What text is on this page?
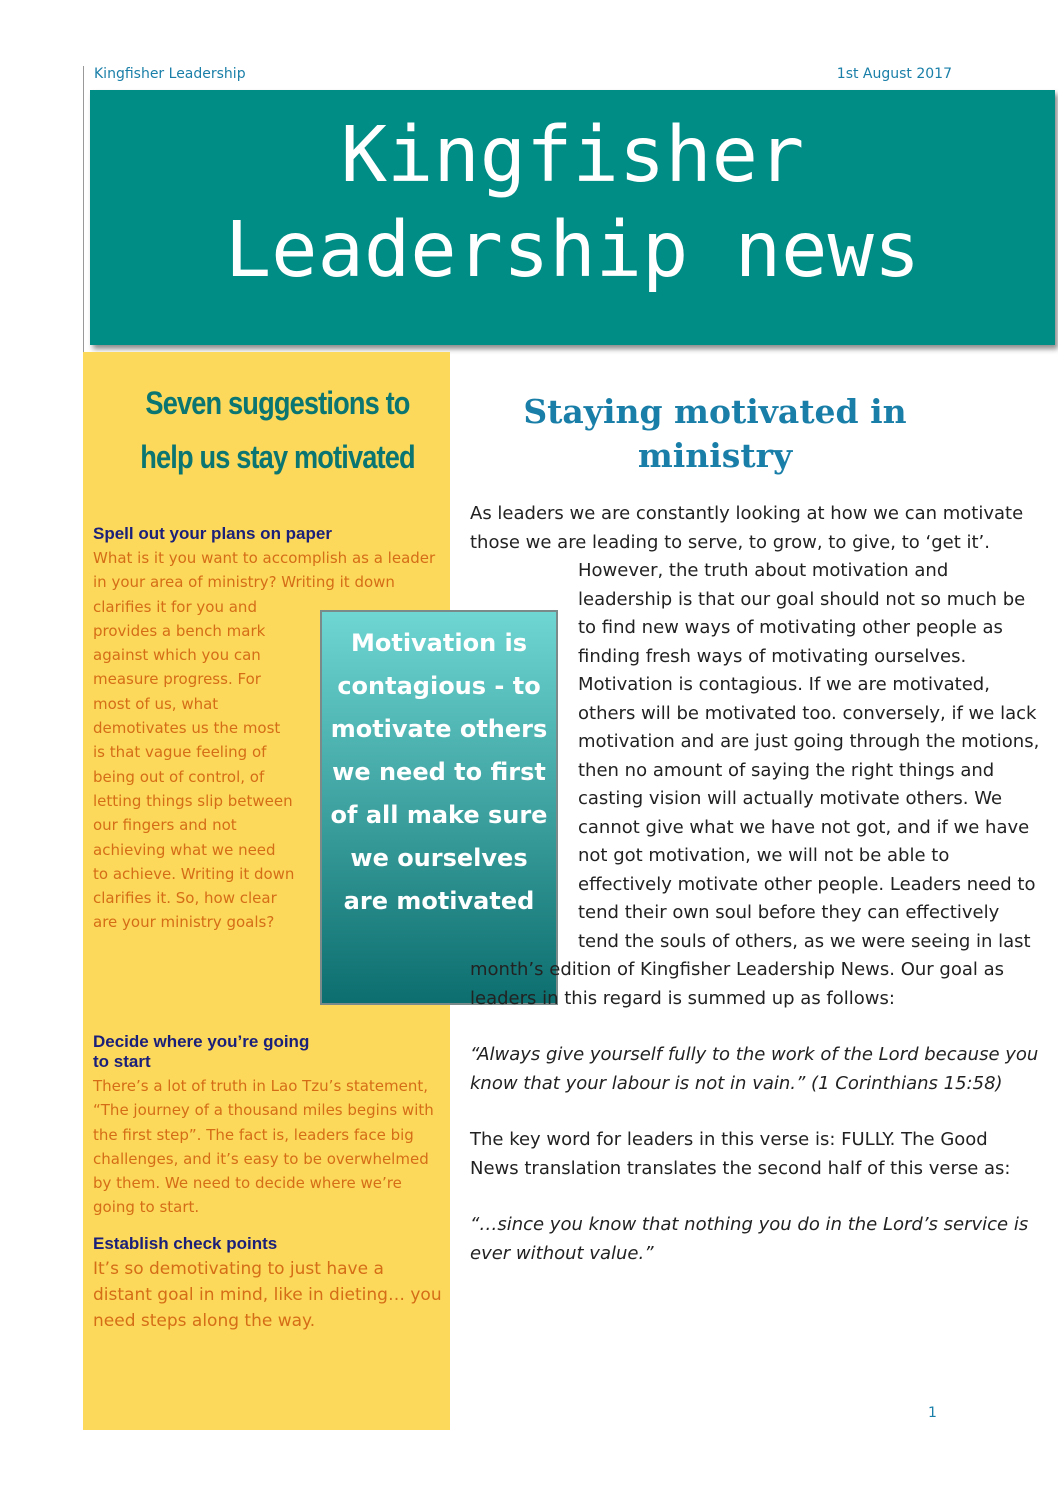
Kingfisher Leadership	1st August 2017
Kingfisher
Leadership news
Seven suggestions to help us stay motivated
Spell out your plans on paper

What is it you want to accomplish as a leader in your area of ministry? Writing it down clarifies it for you and provides a bench mark against which you can measure progress. For most of us, what demotivates us the most is that vague feeling of being out of control, of letting things slip between our fingers and not achieving what we need to achieve. Writing it down clarifies it. So, how clear are your ministry goals?

Decide where you’re going to start

There’s a lot of truth in Lao Tzu’s statement, “The journey of a thousand miles begins with the first step”. The fact is, leaders face big challenges, and it’s easy to be overwhelmed by them. We need to decide where we’re going to start.

Establish check points

It’s so demotivating to just have a distant goal in mind, like in dieting… you need steps along the way.

Motivation is contagious - to motivate others we need to first of all make sure we ourselves are motivated
Staying motivated in ministry

As leaders we are constantly looking at how we can motivate those we are leading to serve, to grow, to give, to ‘get it’. However, the truth about motivation and leadership is that our goal should not so much be to find new ways of motivating other people as finding fresh ways of motivating ourselves. Motivation is contagious. If we are motivated, others will be motivated too. conversely, if we lack motivation and are just going through the motions, then no amount of saying the right things and casting vision will actually motivate others. We cannot give what we have not got, and if we have not got motivation, we will not be able to effectively motivate other people. Leaders need to tend their own soul before they can effectively tend the souls of others, as we were seeing in last month’s edition of Kingfisher Leadership News. Our goal as leaders in this regard is summed up as follows:

“Always give yourself fully to the work of the Lord because you know that your labour is not in vain.” (1 Corinthians 15:58)

The key word for leaders in this verse is: FULLY. The Good News translation translates the second half of this verse as:

“…since you know that nothing you do in the Lord’s service is ever without value.”

1
